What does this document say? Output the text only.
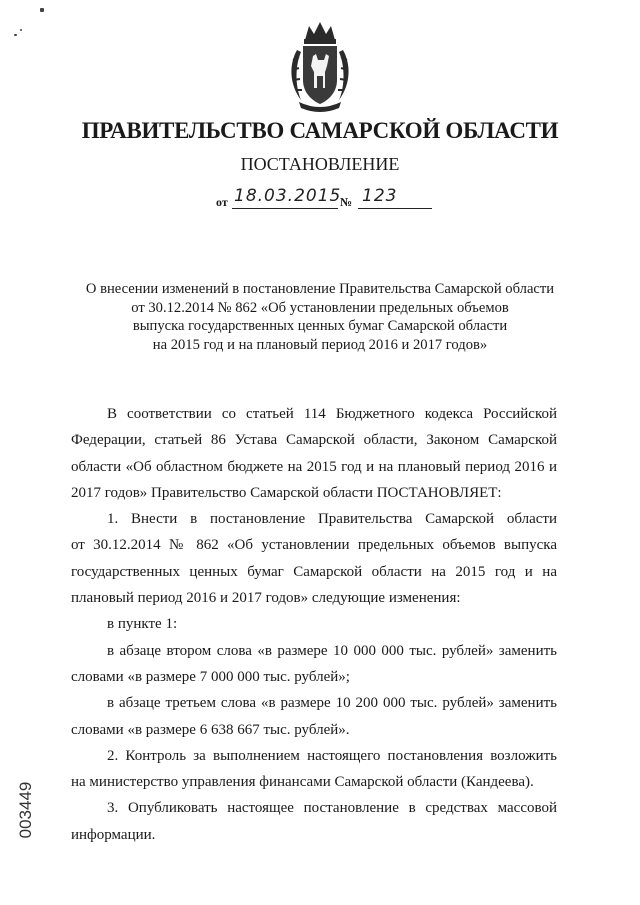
ПРАВИТЕЛЬСТВО САМАРСКОЙ ОБЛАСТИ
ПОСТАНОВЛЕНИЕ
от 18.03.2015
№ 123
О внесении изменений в постановление Правительства Самарской области
от 30.12.2014 № 862 «Об установлении предельных объемов
выпуска государственных ценных бумаг Самарской области
на 2015 год и на плановый период 2016 и 2017 годов»
В соответствии со статьей 114 Бюджетного кодекса Российской
Федерации, статьей 86 Устава Самарской области, Законом Самарской
области «Об областном бюджете на 2015 год и на плановый период 2016 и
2017 годов» Правительство Самарской области ПОСТАНОВЛЯЕТ:
1. Внести в постановление Правительства Самарской области
от 30.12.2014 № 862 «Об установлении предельных объемов выпуска
государственных ценных бумаг Самарской области на 2015 год и на
плановый период 2016 и 2017 годов» следующие изменения:
в пункте 1:
в абзаце втором слова «в размере 10 000 000 тыс. рублей» заменить
словами «в размере 7 000 000 тыс. рублей»;
в абзаце третьем слова «в размере 10 200 000 тыс. рублей» заменить
словами «в размере 6 638 667 тыс. рублей».
2. Контроль за выполнением настоящего постановления возложить
на министерство управления финансами Самарской области (Кандеева).
3. Опубликовать настоящее постановление в средствах массовой
информации.
003449
